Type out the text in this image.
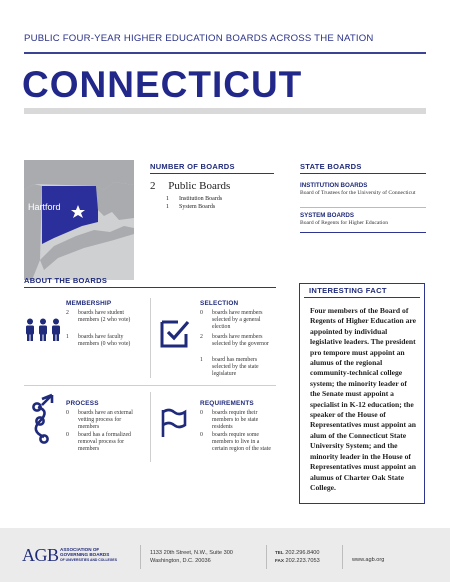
PUBLIC FOUR-YEAR HIGHER EDUCATION BOARDS ACROSS THE NATION
CONNECTICUT
Hartford
NUMBER OF BOARDS
2 Public Boards
1 Institution Boards
1 System Boards
STATE BOARDS
INSTITUTION BOARDS
Board of Trustees for the University of Connecticut
SYSTEM BOARDS
Board of Regents for Higher Education
ABOUT THE BOARDS
MEMBERSHIP
2 boards have student members (2 who vote)
1 boards have faculty members (0 who vote)
SELECTION
0 boards have members selected by a general election
2 boards have members selected by the governor
1 board has members selected by the state legislature
PROCESS
0 boards have an external vetting process for members
0 board has a formalized removal process for members
REQUIREMENTS
0 boards require their members to be state residents
0 boards require some members to live in a certain region of the state
INTERESTING FACT
Four members of the Board of Regents of Higher Education are appointed by individual legislative leaders. The president pro tempore must appoint an alumus of the regional community-technical college system; the minority leader of the Senate must appoint a specialist in K-12 education; the speaker of the House of Representatives must appoint an alum of the Connecticut State University System; and the minority leader in the House of Representatives must appoint an alumus of Charter Oak State College.
AGB ASSOCIATION OF
GOVERNING BOARDS
OF UNIVERSITIES AND COLLEGES
1133 20th Street, N.W., Suite 300
Washington, D.C. 20036
TEL 202.296.8400
FAX 202.223.7053	www.agb.org
